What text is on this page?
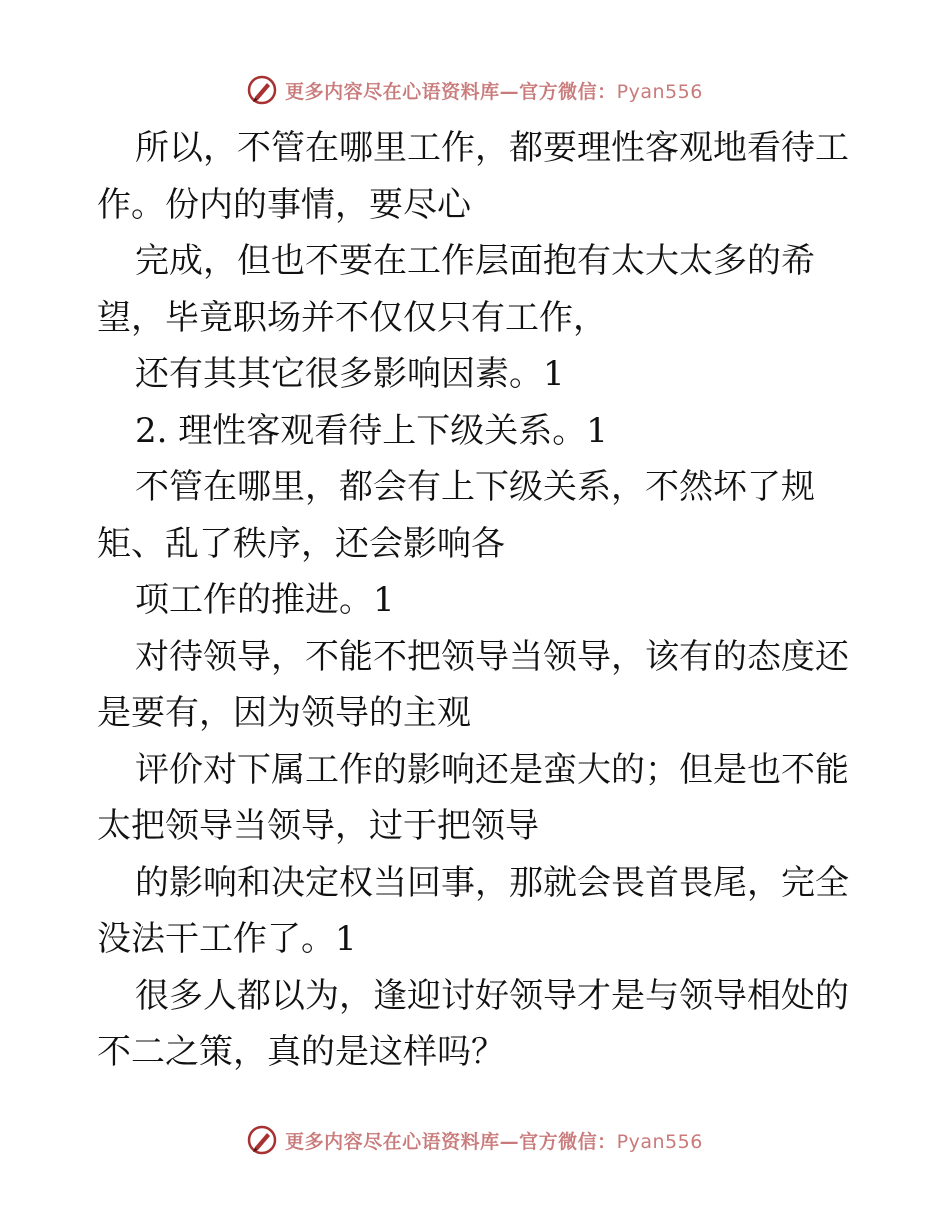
更多内容尽在心语资料库—官方微信：Pyan556

所以，不管在哪里工作，都要理性客观地看待工作。份内的事情，要尽心

完成，但也不要在工作层面抱有太大太多的希望，毕竟职场并不仅仅只有工作，

还有其其它很多影响因素。1

2. 理性客观看待上下级关系。1

不管在哪里，都会有上下级关系，不然坏了规矩、乱了秩序，还会影响各

项工作的推进。1

对待领导，不能不把领导当领导，该有的态度还是要有，因为领导的主观

评价对下属工作的影响还是蛮大的；但是也不能太把领导当领导，过于把领导

的影响和决定权当回事，那就会畏首畏尾，完全没法干工作了。1

很多人都以为，逢迎讨好领导才是与领导相处的不二之策，真的是这样吗？

更多内容尽在心语资料库—官方微信：Pyan556
